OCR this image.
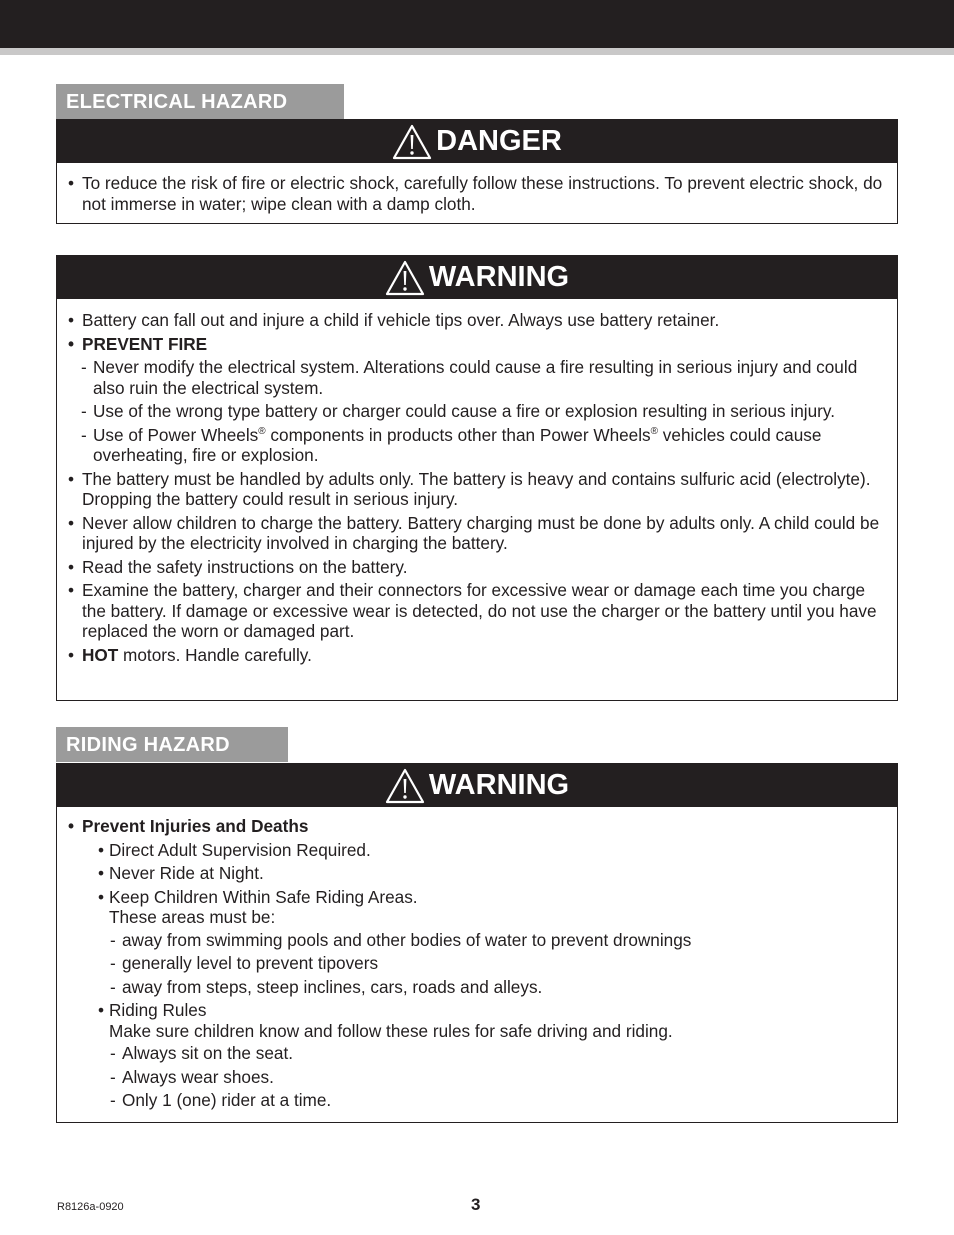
ELECTRICAL HAZARD
DANGER
• To reduce the risk of fire or electric shock, carefully follow these instructions. To prevent electric shock, do not immerse in water; wipe clean with a damp cloth.
WARNING
• Battery can fall out and injure a child if vehicle tips over. Always use battery retainer.
• PREVENT FIRE
- Never modify the electrical system. Alterations could cause a fire resulting in serious injury and could also ruin the electrical system.
- Use of the wrong type battery or charger could cause a fire or explosion resulting in serious injury.
- Use of Power Wheels® components in products other than Power Wheels® vehicles could cause overheating, fire or explosion.
• The battery must be handled by adults only. The battery is heavy and contains sulfuric acid (electrolyte). Dropping the battery could result in serious injury.
• Never allow children to charge the battery. Battery charging must be done by adults only. A child could be injured by the electricity involved in charging the battery.
• Read the safety instructions on the battery.
• Examine the battery, charger and their connectors for excessive wear or damage each time you charge the battery. If damage or excessive wear is detected, do not use the charger or the battery until you have replaced the worn or damaged part.
• HOT motors. Handle carefully.
RIDING HAZARD
WARNING
• Prevent Injuries and Deaths
• Direct Adult Supervision Required.
• Never Ride at Night.
• Keep Children Within Safe Riding Areas.
These areas must be:
- away from swimming pools and other bodies of water to prevent drownings
- generally level to prevent tipovers
- away from steps, steep inclines, cars, roads and alleys.
• Riding Rules
Make sure children know and follow these rules for safe driving and riding.
- Always sit on the seat.
- Always wear shoes.
- Only 1 (one) rider at a time.
R8126a-0920	3
